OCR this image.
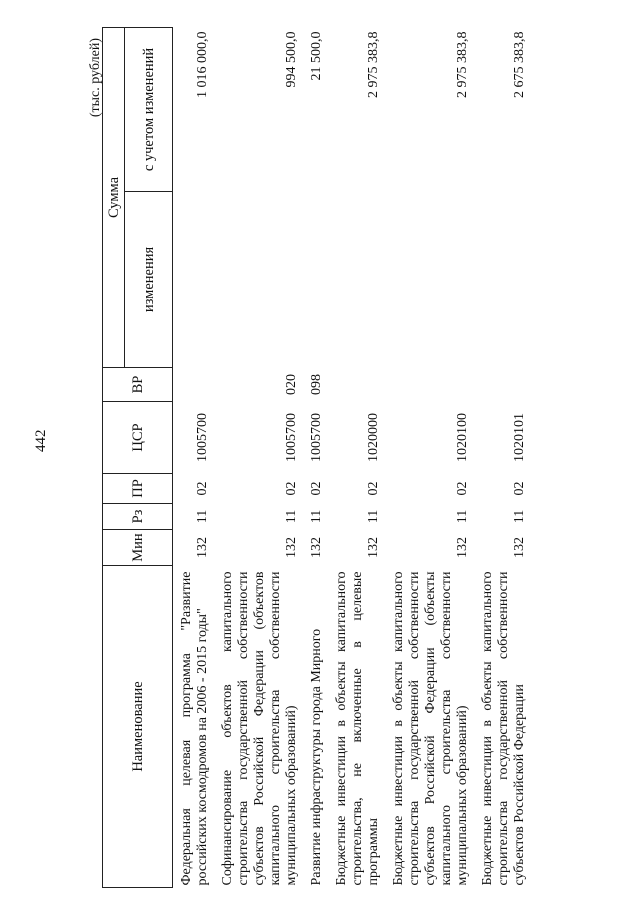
442
(тыс. рублей)
Наименование	Мин	Рз	ПР	ЦСР	ВР	Сумма	
						изменения	с учетом изменений
Федеральная целевая программа "Развитие российских космодромов на 2006 - 2015 годы"	132	11	02	1005700			1 016 000,0
Софинансирование объектов капитального строительства государственной собственности субъектов Российской Федерации (объектов капитального строительства собственности муниципальных образований)	132	11	02	1005700	020		994 500,0
Развитие инфраструктуры города Мирного	132	11	02	1005700	098		21 500,0
Бюджетные инвестиции в объекты капитального строительства, не включенные в целевые программы	132	11	02	1020000			2 975 383,8
Бюджетные инвестиции в объекты капитального строительства государственной собственности субъектов Российской Федерации (объекты капитального строительства собственности муниципальных образований)	132	11	02	1020100			2 975 383,8
Бюджетные инвестиции в объекты капитального строительства государственной собственности субъектов Российской Федерации	132	11	02	1020101			2 675 383,8
